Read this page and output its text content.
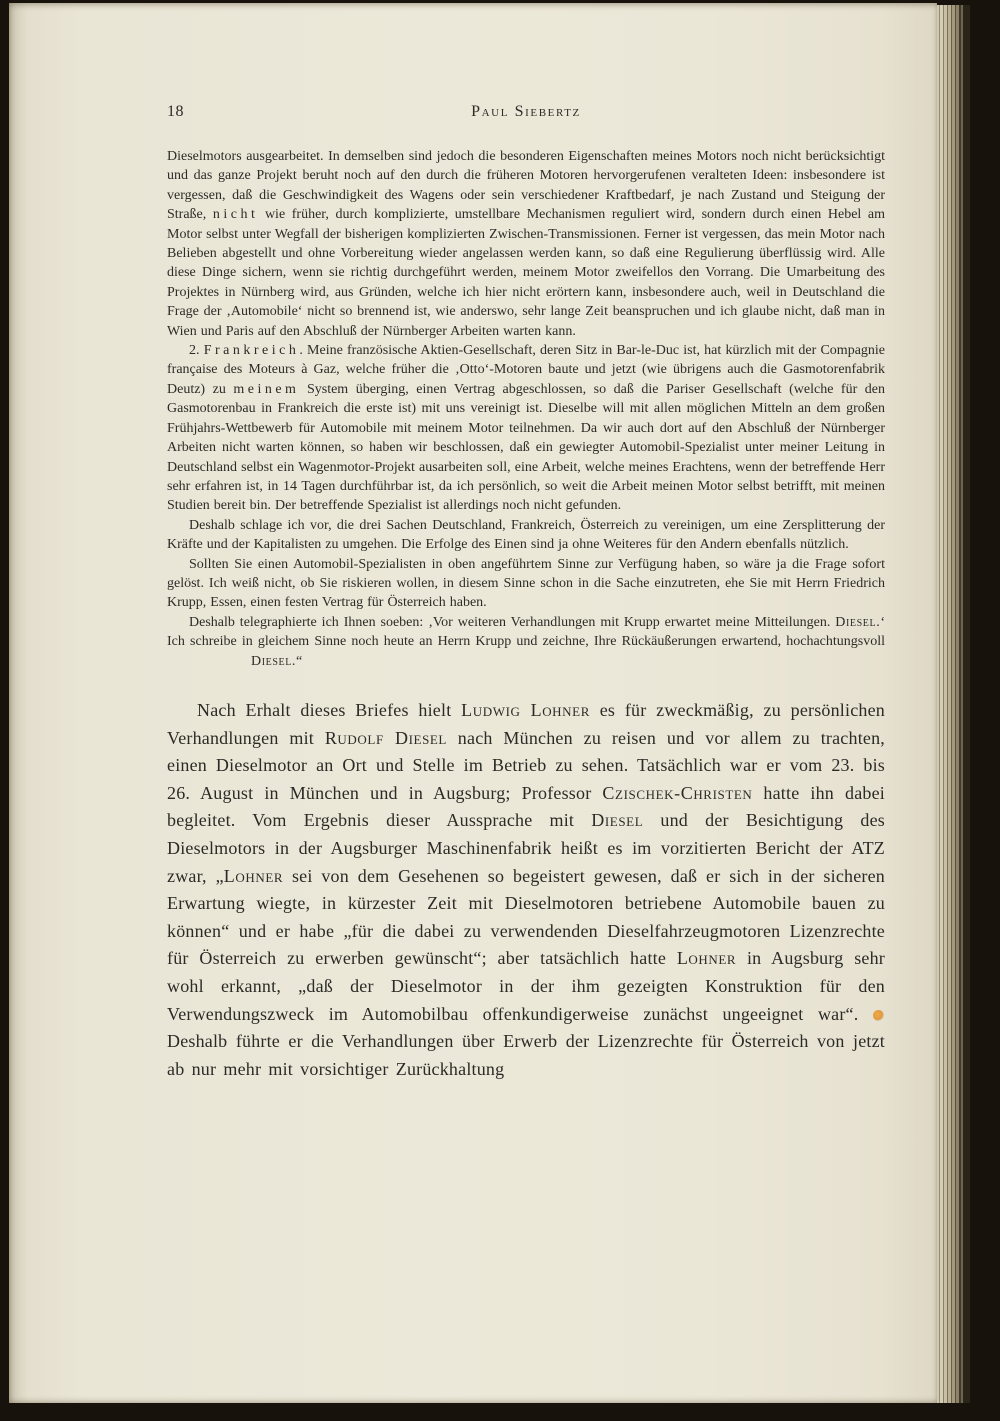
18	Paul Siebertz

Dieselmotors ausgearbeitet. In demselben sind jedoch die besonderen Eigenschaften meines Motors noch nicht berücksichtigt und das ganze Projekt beruht noch auf den durch die früheren Motoren hervorgerufenen veralteten Ideen: insbesondere ist vergessen, daß die Geschwindigkeit des Wagens oder sein verschiedener Kraftbedarf, je nach Zustand und Steigung der Straße, nicht wie früher, durch komplizierte, umstellbare Mechanismen reguliert wird, sondern durch einen Hebel am Motor selbst unter Wegfall der bisherigen komplizierten Zwischen-Transmissionen. Ferner ist vergessen, das mein Motor nach Belieben abgestellt und ohne Vorbereitung wieder angelassen werden kann, so daß eine Regulierung überflüssig wird. Alle diese Dinge sichern, wenn sie richtig durchgeführt werden, meinem Motor zweifellos den Vorrang. Die Umarbeitung des Projektes in Nürnberg wird, aus Gründen, welche ich hier nicht erörtern kann, insbesondere auch, weil in Deutschland die Frage der ‚Automobile‘ nicht so brennend ist, wie anderswo, sehr lange Zeit beanspruchen und ich glaube nicht, daß man in Wien und Paris auf den Abschluß der Nürnberger Arbeiten warten kann.

2. Frankreich. Meine französische Aktien-Gesellschaft, deren Sitz in Bar-le-Duc ist, hat kürzlich mit der Compagnie française des Moteurs à Gaz, welche früher die ‚Otto‘-Motoren baute und jetzt (wie übrigens auch die Gasmotorenfabrik Deutz) zu meinem System überging, einen Vertrag abgeschlossen, so daß die Pariser Gesellschaft (welche für den Gasmotorenbau in Frankreich die erste ist) mit uns vereinigt ist. Dieselbe will mit allen möglichen Mitteln an dem großen Frühjahrs-Wettbewerb für Automobile mit meinem Motor teilnehmen. Da wir auch dort auf den Abschluß der Nürnberger Arbeiten nicht warten können, so haben wir beschlossen, daß ein gewiegter Automobil-Spezialist unter meiner Leitung in Deutschland selbst ein Wagenmotor-Projekt ausarbeiten soll, eine Arbeit, welche meines Erachtens, wenn der betreffende Herr sehr erfahren ist, in 14 Tagen durchführbar ist, da ich persönlich, so weit die Arbeit meinen Motor selbst betrifft, mit meinen Studien bereit bin. Der betreffende Spezialist ist allerdings noch nicht gefunden.

Deshalb schlage ich vor, die drei Sachen Deutschland, Frankreich, Österreich zu vereinigen, um eine Zersplitterung der Kräfte und der Kapitalisten zu umgehen. Die Erfolge des Einen sind ja ohne Weiteres für den Andern ebenfalls nützlich.

Sollten Sie einen Automobil-Spezialisten in oben angeführtem Sinne zur Verfügung haben, so wäre ja die Frage sofort gelöst. Ich weiß nicht, ob Sie riskieren wollen, in diesem Sinne schon in die Sache einzutreten, ehe Sie mit Herrn Friedrich Krupp, Essen, einen festen Vertrag für Österreich haben.

Deshalb telegraphierte ich Ihnen soeben: ‚Vor weiteren Verhandlungen mit Krupp erwartet meine Mitteilungen. Diesel.‘ Ich schreibe in gleichem Sinne noch heute an Herrn Krupp und zeichne, Ihre Rückäußerungen erwartend, hochachtungsvollDiesel.“

Nach Erhalt dieses Briefes hielt Ludwig Lohner es für zweckmäßig, zu persönlichen Verhandlungen mit Rudolf Diesel nach München zu reisen und vor allem zu trachten, einen Dieselmotor an Ort und Stelle im Betrieb zu sehen. Tatsächlich war er vom 23. bis 26. August in München und in Augsburg; Professor Czischek-Christen hatte ihn dabei begleitet. Vom Ergebnis dieser Aussprache mit Diesel und der Besichtigung des Dieselmotors in der Augsburger Maschinenfabrik heißt es im vorzitierten Bericht der ATZ zwar, „Lohner sei von dem Gesehenen so begeistert gewesen, daß er sich in der sicheren Erwartung wiegte, in kürzester Zeit mit Dieselmotoren betriebene Automobile bauen zu können“ und er habe „für die dabei zu verwendenden Dieselfahrzeugmotoren Lizenzrechte für Österreich zu erwerben gewünscht“; aber tatsächlich hatte Lohner in Augsburg sehr wohl erkannt, „daß der Dieselmotor in der ihm gezeigten Konstruktion für den Verwendungszweck im Automobilbau offenkundigerweise zunächst ungeeignet war“. Deshalb führte er die Verhandlungen über Erwerb der Lizenzrechte für Österreich von jetzt ab nur mehr mit vorsichtiger Zurückhaltung
